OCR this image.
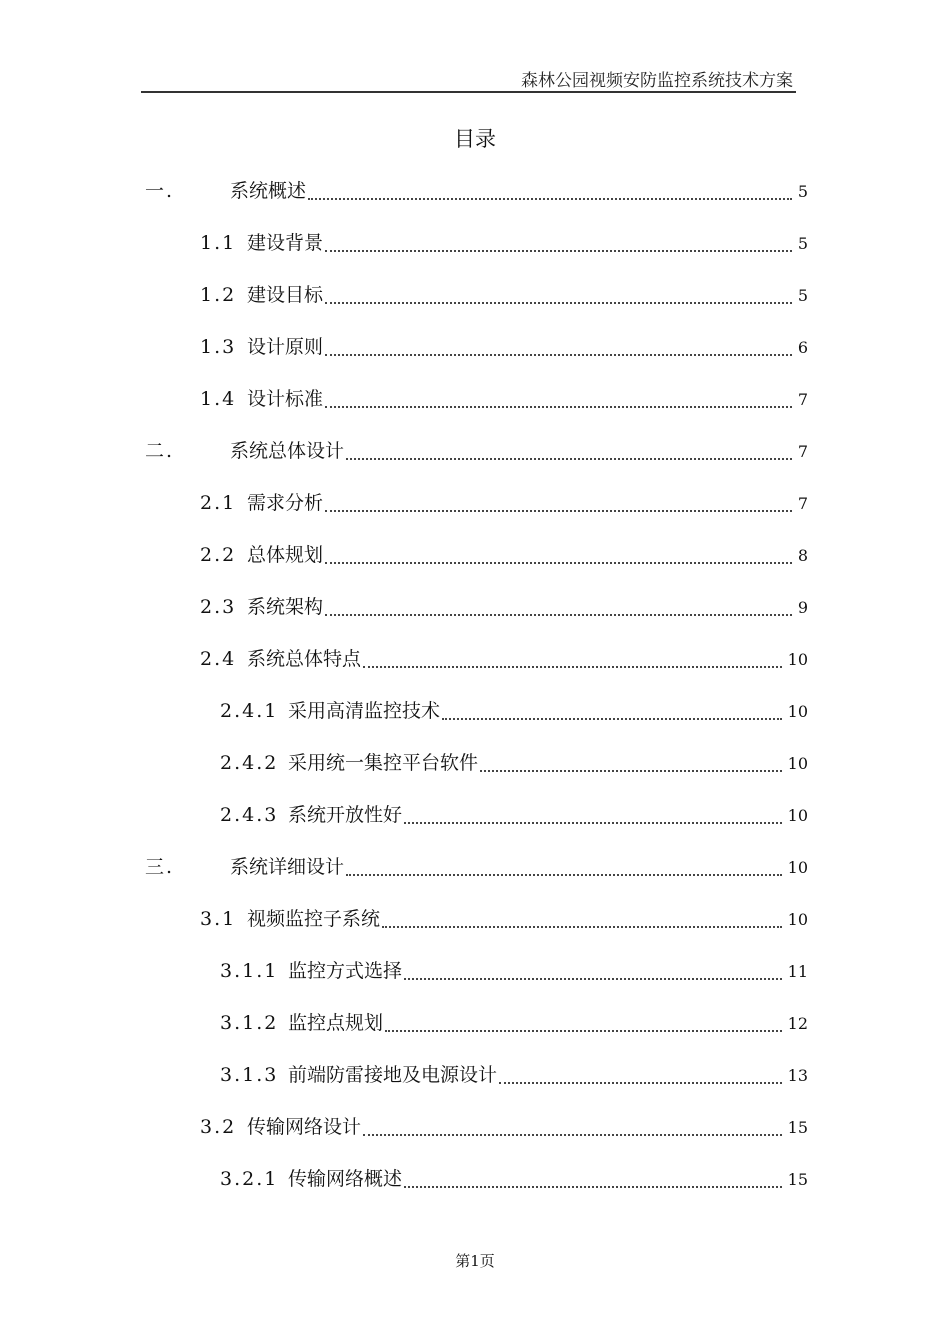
森林公园视频安防监控系统技术方案
目录
一.	系统概述	5
1.1 建设背景	5
1.2 建设目标	5
1.3 设计原则	6
1.4 设计标准	7
二.	系统总体设计	7
2.1 需求分析	7
2.2 总体规划	8
2.3 系统架构	9
2.4 系统总体特点	10
2.4.1 采用高清监控技术	10
2.4.2 采用统一集控平台软件	10
2.4.3 系统开放性好	10
三.	系统详细设计	10
3.1 视频监控子系统	10
3.1.1 监控方式选择	11
3.1.2 监控点规划	12
3.1.3 前端防雷接地及电源设计	13
3.2 传输网络设计	15
3.2.1 传输网络概述	15
第1页
